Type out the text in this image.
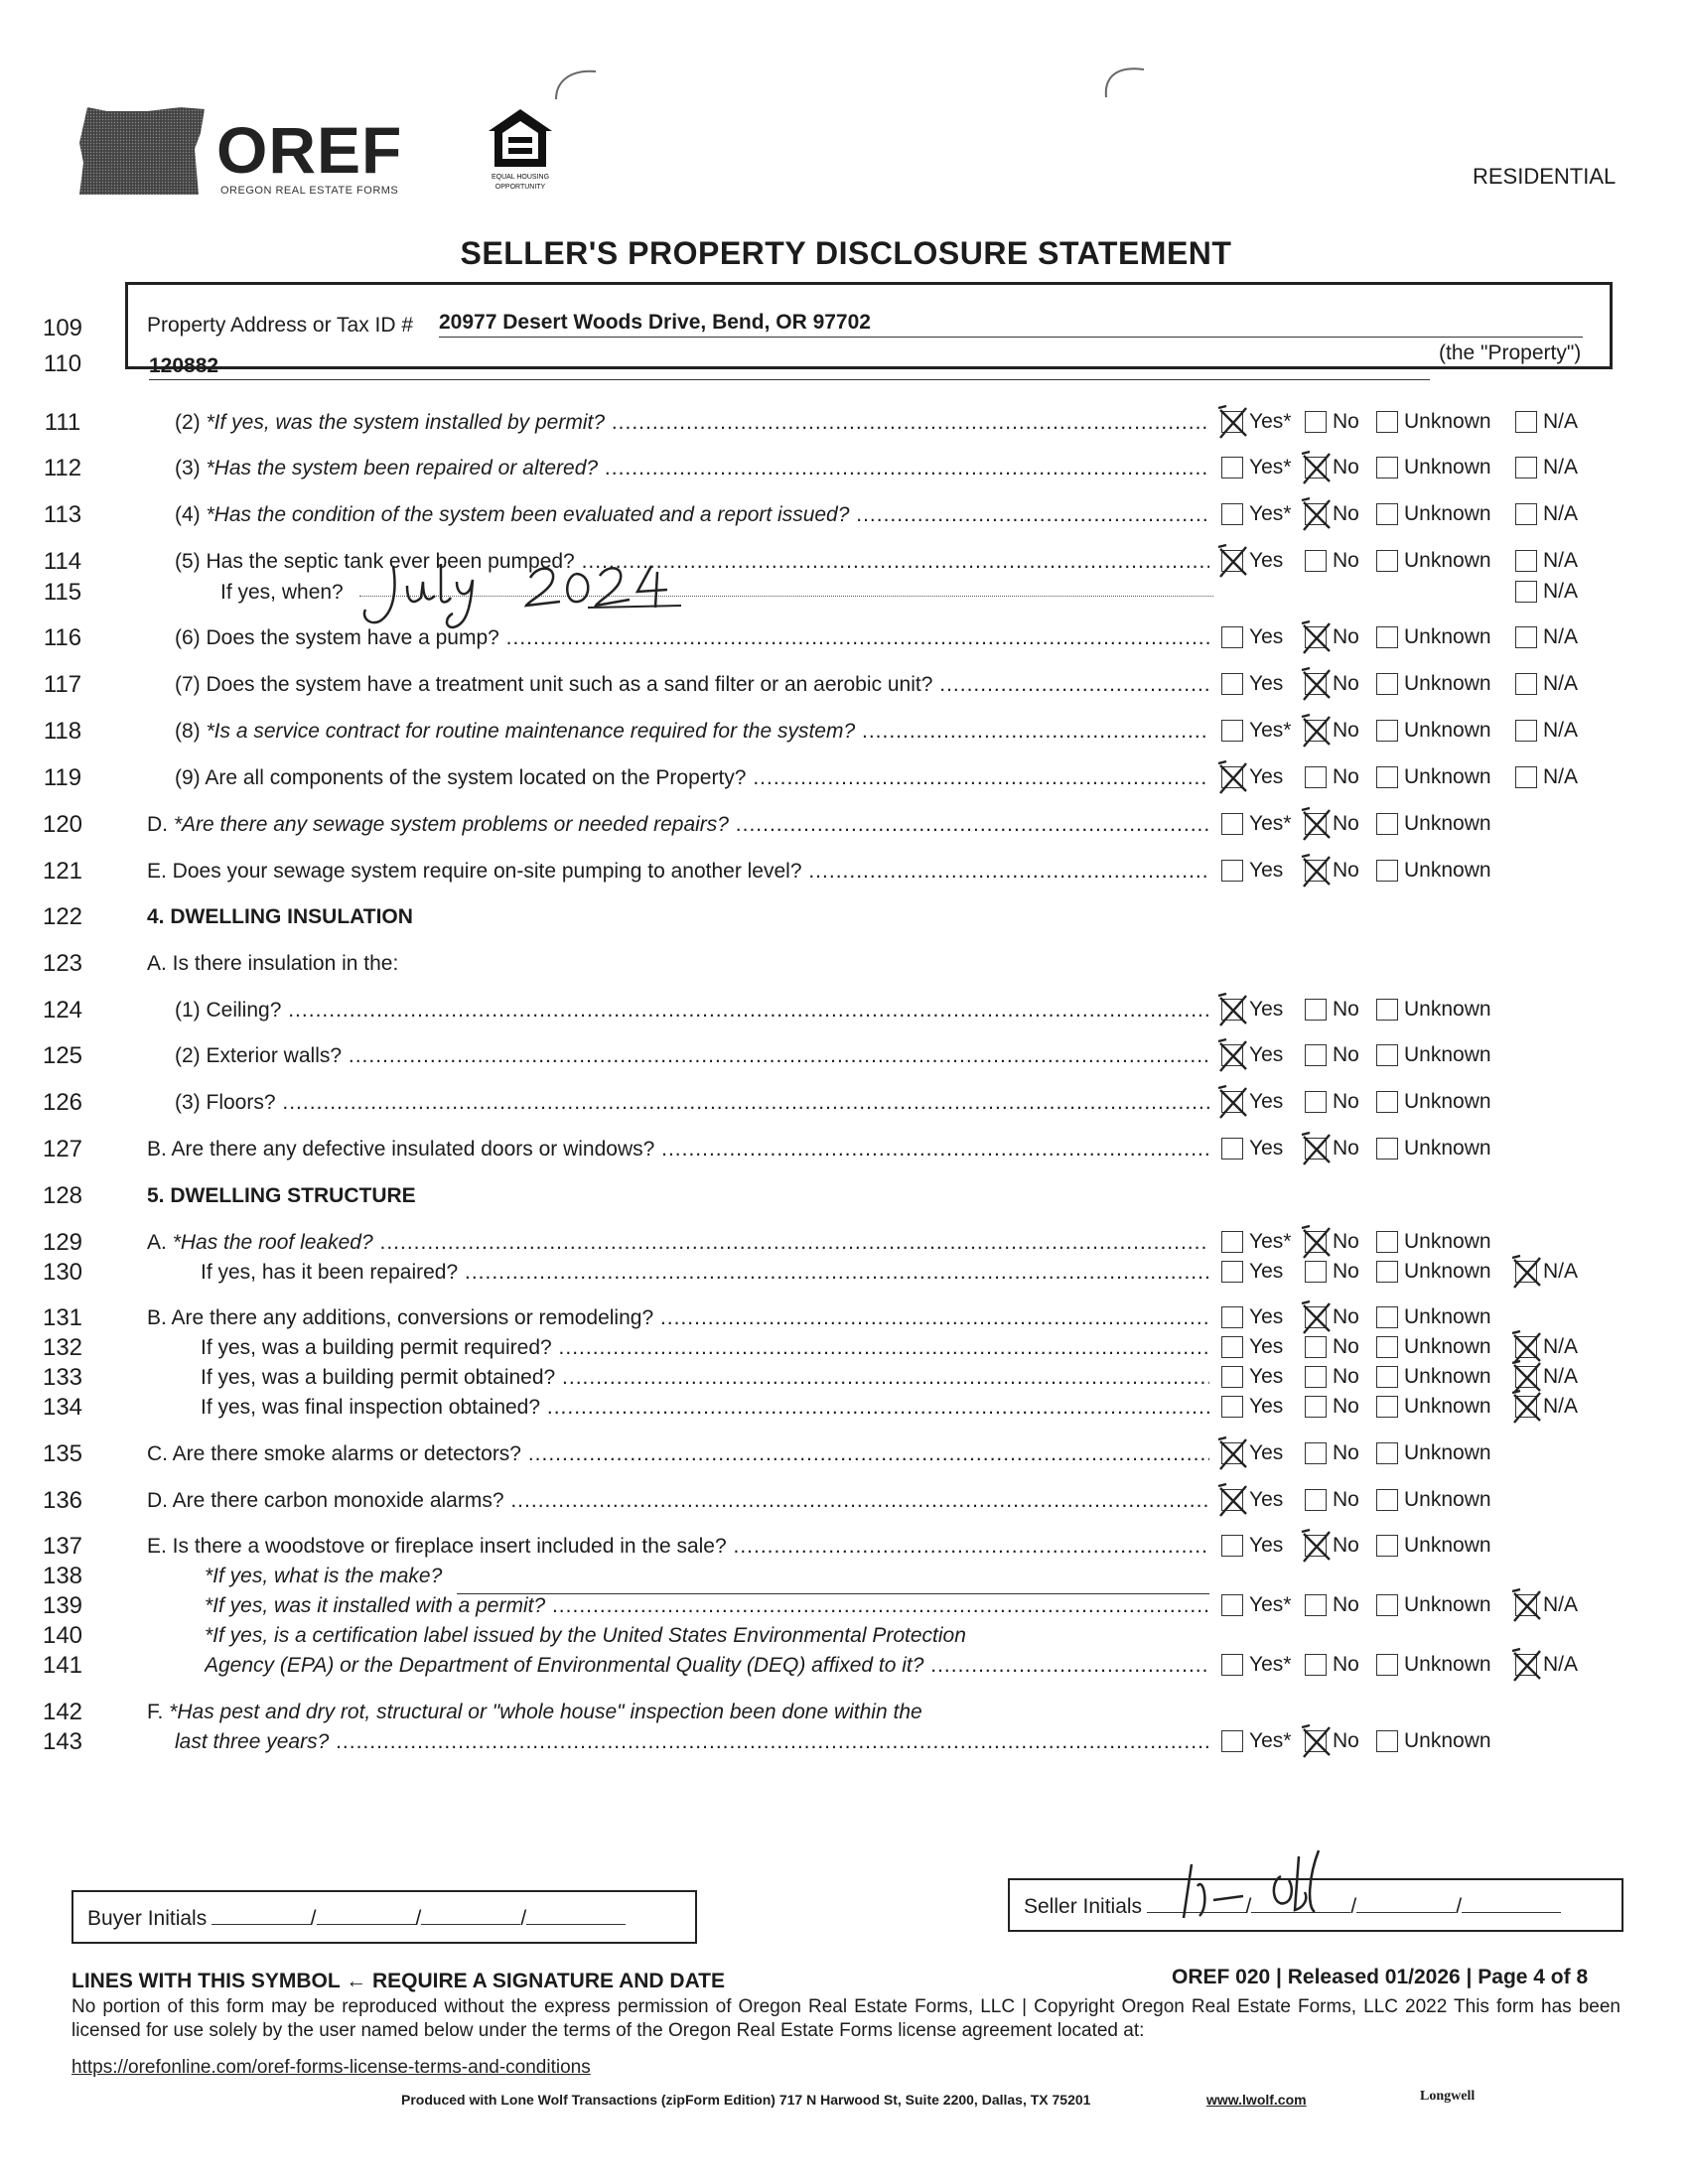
OREF
OREGON REAL ESTATE FORMS
EQUAL HOUSING
OPPORTUNITY	RESIDENTIAL
SELLER'S PROPERTY DISCLOSURE STATEMENT
109
110
Property Address or Tax ID # 20977 Desert Woods Drive, Bend, OR 97702
120882
(the "Property")
111	(2) *If yes, was the system installed by permit? .....	Yes* No Unknown N/A
112	(3) *Has the system been repaired or altered? .....	Yes* No Unknown N/A
113	(4) *Has the condition of the system been evaluated and a report issued? .....	Yes* No Unknown N/A
114	(5) Has the septic tank ever been pumped? .....	Yes No Unknown N/A
115	If yes, when?	N/A
116	(6) Does the system have a pump? .....	Yes No Unknown N/A
117	(7) Does the system have a treatment unit such as a sand filter or an aerobic unit? .....	Yes No Unknown N/A
118	(8) *Is a service contract for routine maintenance required for the system? .....	Yes* No Unknown N/A
119	(9) Are all components of the system located on the Property? .....	Yes No Unknown N/A
120	D. *Are there any sewage system problems or needed repairs? .....	Yes* No Unknown
121	E. Does your sewage system require on-site pumping to another level? .....	Yes No Unknown
122	4. DWELLING INSULATION
123	A. Is there insulation in the:
124	(1) Ceiling? .....	Yes No Unknown
125	(2) Exterior walls? .....	Yes No Unknown
126	(3) Floors? .....	Yes No Unknown
127	B. Are there any defective insulated doors or windows? .....	Yes No Unknown
128	5. DWELLING STRUCTURE
129	A. *Has the roof leaked? .....	Yes* No Unknown
130	If yes, has it been repaired? .....	Yes No Unknown N/A
131	B. Are there any additions, conversions or remodeling? .....	Yes No Unknown
132	If yes, was a building permit required? .....	Yes No Unknown N/A
133	If yes, was a building permit obtained? .....	Yes No Unknown N/A
134	If yes, was final inspection obtained? .....	Yes No Unknown N/A
135	C. Are there smoke alarms or detectors? .....	Yes No Unknown
136	D. Are there carbon monoxide alarms? .....	Yes No Unknown
137	E. Is there a woodstove or fireplace insert included in the sale? .....	Yes No Unknown
138	*If yes, what is the make?
139	*If yes, was it installed with a permit? .....	Yes* No Unknown N/A
140	*If yes, is a certification label issued by the United States Environmental Protection
141	Agency (EPA) or the Department of Environmental Quality (DEQ) affixed to it? .....	Yes* No Unknown N/A
142	F. *Has pest and dry rot, structural or "whole house" inspection been done within the
143	last three years? .....	Yes* No Unknown
Buyer Initials	/	/	/
Seller Initials	/	/	/
LINES WITH THIS SYMBOL ← REQUIRE A SIGNATURE AND DATE	OREF 020 | Released 01/2026 | Page 4 of 8
No portion of this form may be reproduced without the express permission of Oregon Real Estate Forms, LLC | Copyright Oregon Real Estate Forms, LLC 2022 This form has been licensed for use solely by the user named below under the terms of the Oregon Real Estate Forms license agreement located at:
https://orefonline.com/oref-forms-license-terms-and-conditions
Produced with Lone Wolf Transactions (zipForm Edition) 717 N Harwood St, Suite 2200, Dallas, TX 75201	www.lwolf.com	Longwell
